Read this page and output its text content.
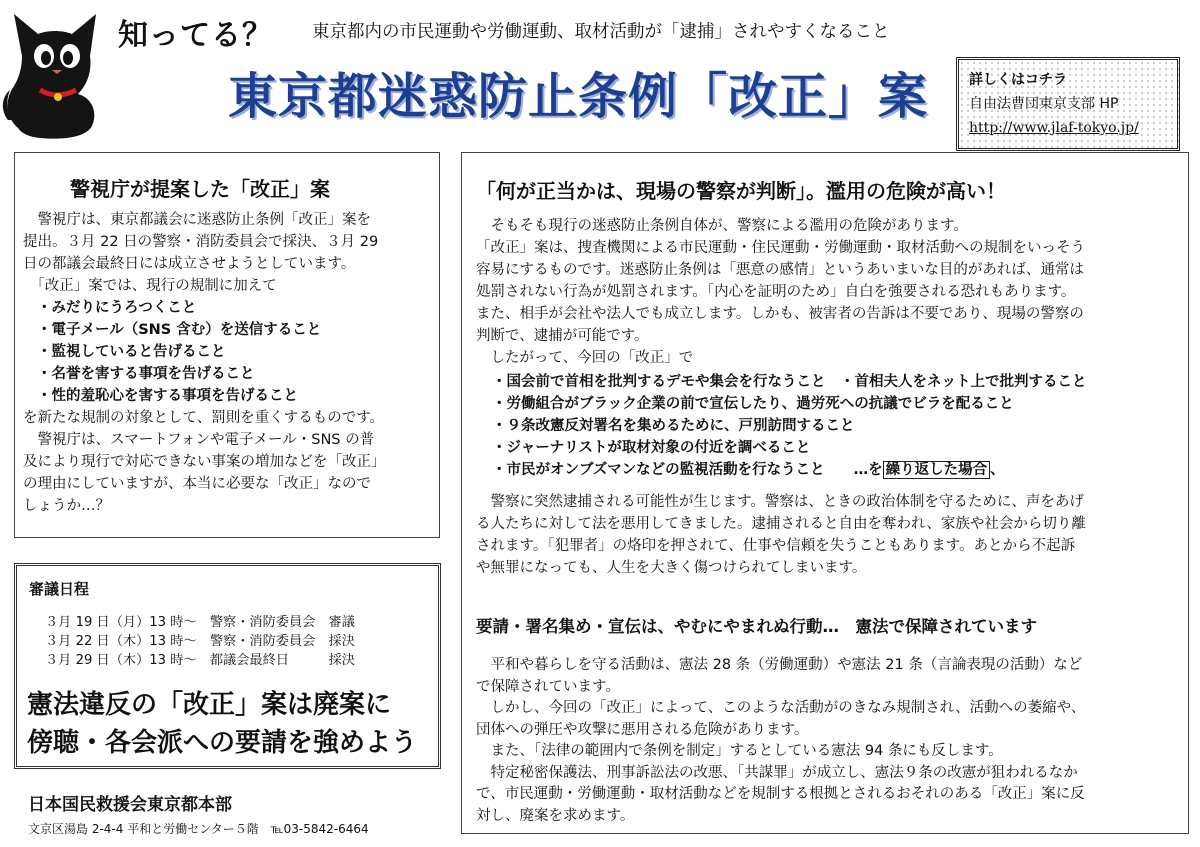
知ってる？ 東京都内の市民運動や労働運動、取材活動が「逮捕」されやすくなること
東京都迷惑防止条例「改正」案	詳しくはコチラ
自由法曹団東京支部 HP
http://www.jlaf-tokyo.jp/
警視庁が提案した「改正」案
　警視庁は、東京都議会に迷惑防止条例「改正」案を
提出。３月 22 日の警察・消防委員会で採決、３月 29
日の都議会最終日には成立させようとしています。
　「改正」案では、現行の規制に加えて
・みだりにうろつくこと
・電子メール（SNS 含む）を送信すること
・監視していると告げること
・名誉を害する事項を告げること
・性的羞恥心を害する事項を告げること
を新たな規制の対象として、罰則を重くするものです。
　警視庁は、スマートフォンや電子メール・SNS の普
及により現行で対応できない事案の増加などを「改正」
の理由にしていますが、本当に必要な「改正」なので
しょうか…？
審議日程
３月 19 日（月）13 時～　警察・消防委員会　審議
３月 22 日（木）13 時～　警察・消防委員会　採決
３月 29 日（木）13 時～　都議会最終日　　　採決
憲法違反の「改正」案は廃案に
傍聴・各会派への要請を強めよう
日本国民救援会東京都本部
文京区湯島 2-4-4 平和と労働センター５階　℡03-5842-6464
「何が正当かは、現場の警察が判断」。濫用の危険が高い！
　そもそも現行の迷惑防止条例自体が、警察による濫用の危険があります。
「改正」案は、捜査機関による市民運動・住民運動・労働運動・取材活動への規制をいっそう
容易にするものです。迷惑防止条例は「悪意の感情」というあいまいな目的があれば、通常は
処罰されない行為が処罰されます。「内心を証明のため」自白を強要される恐れもあります。
また、相手が会社や法人でも成立します。しかも、被害者の告訴は不要であり、現場の警察の
判断で、逮捕が可能です。
　したがって、今回の「改正」で
・国会前で首相を批判するデモや集会を行なうこと　・首相夫人をネット上で批判すること
・労働組合がブラック企業の前で宣伝したり、過労死への抗議でビラを配ること
・９条改憲反対署名を集めるために、戸別訪問すること
・ジャーナリストが取材対象の付近を調べること
・市民がオンブズマンなどの監視活動を行なうこと　　…を 繰り返した場合 、
　警察に突然逮捕される可能性が生じます。警察は、ときの政治体制を守るために、声をあげ
る人たちに対して法を悪用してきました。逮捕されると自由を奪われ、家族や社会から切り離
されます。「犯罪者」の烙印を押されて、仕事や信頼を失うこともあります。あとから不起訴
や無罪になっても、人生を大きく傷つけられてしまいます。
要請・署名集め・宣伝は、やむにやまれぬ行動…　憲法で保障されています
　平和や暮らしを守る活動は、憲法 28 条（労働運動）や憲法 21 条（言論表現の活動）など
で保障されています。
　しかし、今回の「改正」によって、このような活動がのきなみ規制され、活動への萎縮や、
団体への弾圧や攻撃に悪用される危険があります。
　また、「法律の範囲内で条例を制定」するとしている憲法 94 条にも反します。
　特定秘密保護法、刑事訴訟法の改悪、「共謀罪」が成立し、憲法９条の改憲が狙われるなか
で、市民運動・労働運動・取材活動などを規制する根拠とされるおそれのある「改正」案に反
対し、廃案を求めます。
